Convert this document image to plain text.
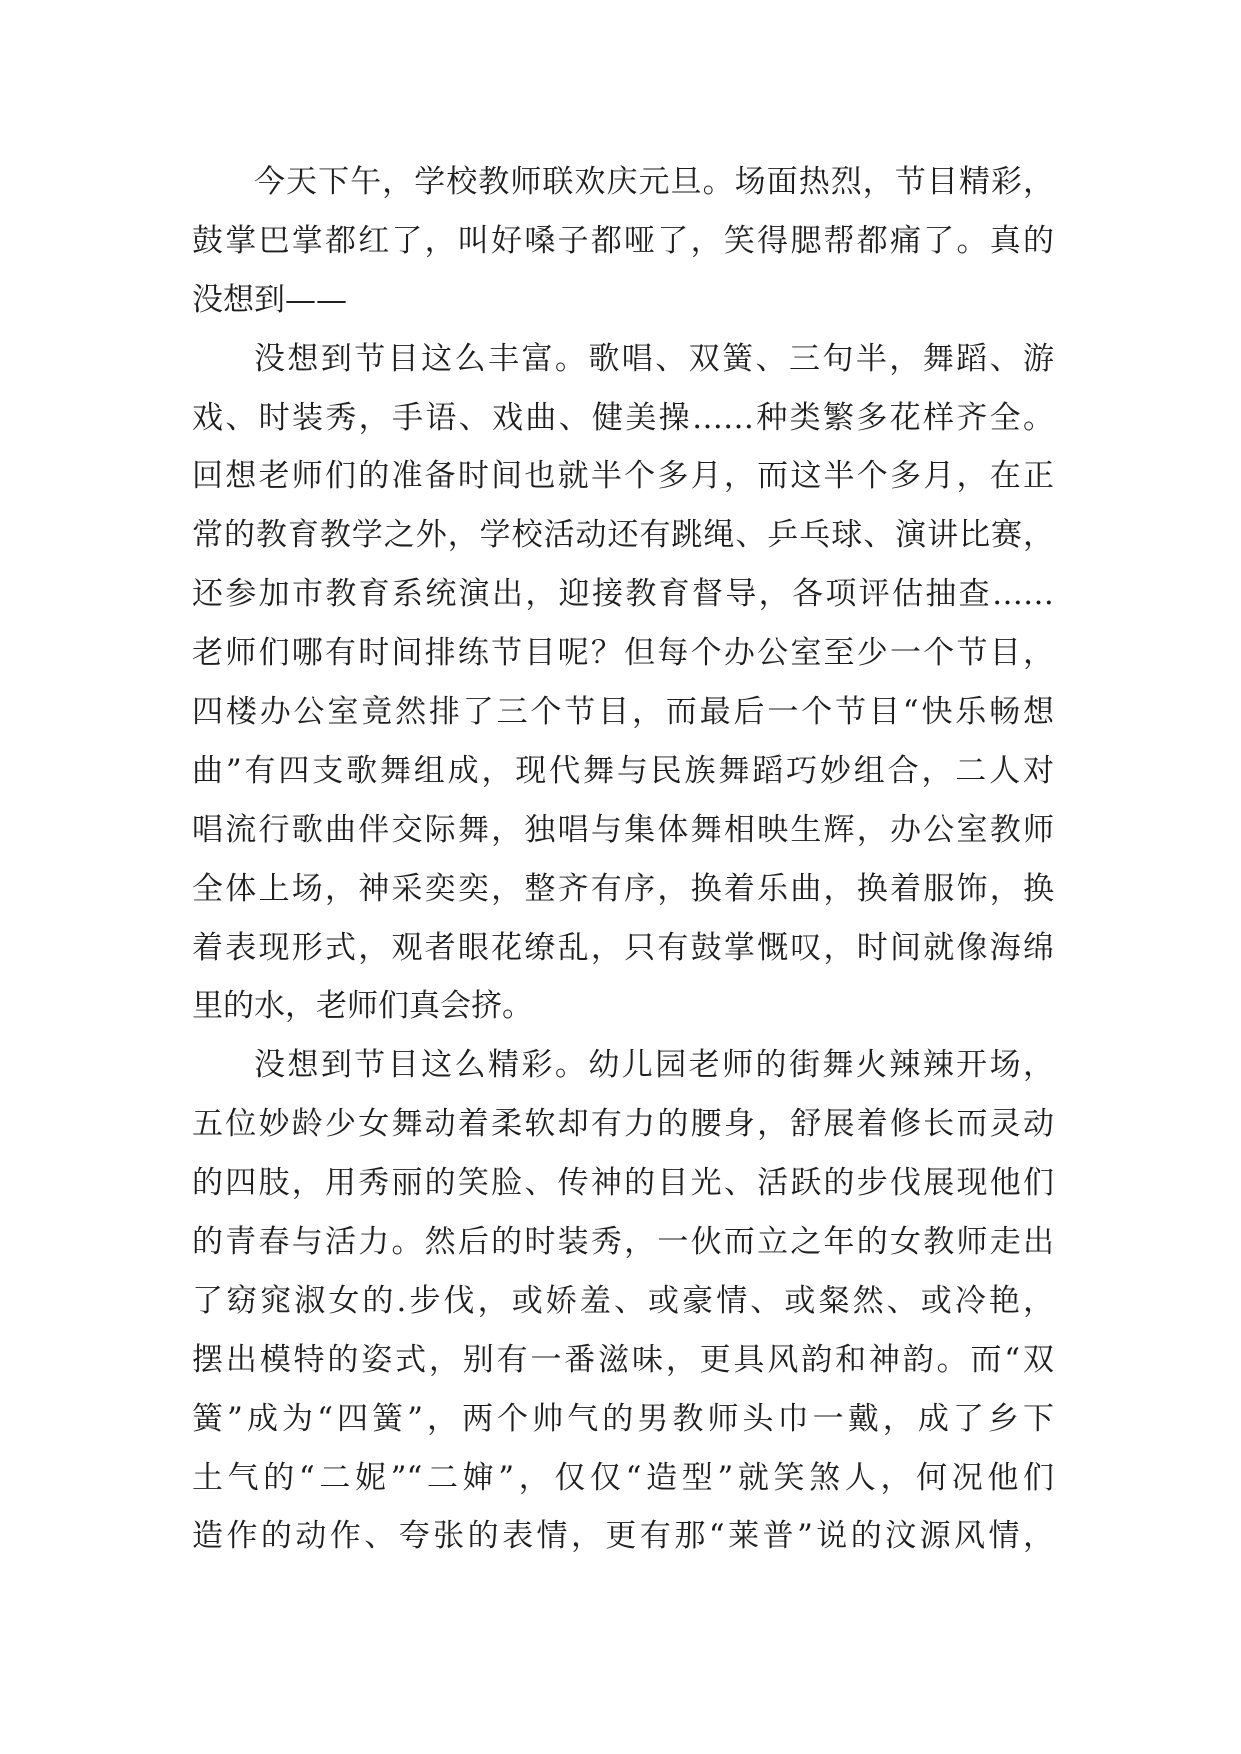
今天下午，学校教师联欢庆元旦。场面热烈，节目精彩，
鼓掌巴掌都红了，叫好嗓子都哑了，笑得腮帮都痛了。真的
没想到——
没想到节目这么丰富。歌唱、双簧、三句半，舞蹈、游
戏、时装秀，手语、戏曲、健美操……种类繁多花样齐全。
回想老师们的准备时间也就半个多月，而这半个多月，在正
常的教育教学之外，学校活动还有跳绳、乒乓球、演讲比赛，
还参加市教育系统演出，迎接教育督导，各项评估抽查……
老师们哪有时间排练节目呢？但每个办公室至少一个节目，
四楼办公室竟然排了三个节目，而最后一个节目“快乐畅想
曲”有四支歌舞组成，现代舞与民族舞蹈巧妙组合，二人对
唱流行歌曲伴交际舞，独唱与集体舞相映生辉，办公室教师
全体上场，神采奕奕，整齐有序，换着乐曲，换着服饰，换
着表现形式，观者眼花缭乱，只有鼓掌慨叹，时间就像海绵
里的水，老师们真会挤。
没想到节目这么精彩。幼儿园老师的街舞火辣辣开场，
五位妙龄少女舞动着柔软却有力的腰身，舒展着修长而灵动
的四肢，用秀丽的笑脸、传神的目光、活跃的步伐展现他们
的青春与活力。然后的时装秀，一伙而立之年的女教师走出
了窈窕淑女的.步伐，或娇羞、或豪情、或粲然、或冷艳，
摆出模特的姿式，别有一番滋味，更具风韵和神韵。而“双
簧”成为“四簧”，两个帅气的男教师头巾一戴，成了乡下
土气的“二妮”“二婶”，仅仅“造型”就笑煞人，何况他们
造作的动作、夸张的表情，更有那“莱普”说的汶源风情，
